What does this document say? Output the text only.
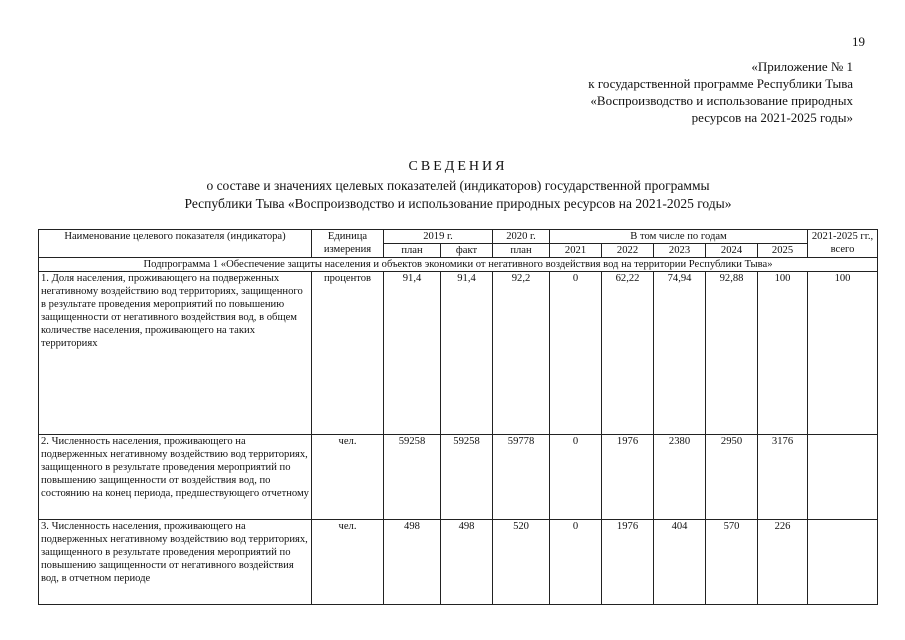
19
«Приложение № 1
к государственной программе Республики Тыва
«Воспроизводство и использование природных
ресурсов на 2021-2025 годы»
СВЕДЕНИЯ
о составе и значениях целевых показателей (индикаторов) государственной программы
Республики Тыва «Воспроизводство и использование природных ресурсов на 2021-2025 годы»
Наименование целевого показателя (индикатора)	Единица измерения	2019 г.		2020 г.	В том числе по годам					2021-2025 гг., всего
		план	факт	план	2021	2022	2023	2024	2025	
Подпрограмма 1 «Обеспечение защиты населения и объектов экономики от негативного воздействия вод на территории Республики Тыва»										
1. Доля населения, проживающего на подверженных негативному воздействию вод территориях, защищенного в результате проведения мероприятий по повышению защищенности от негативного воздействия вод, в общем количестве населения, проживающего на таких территориях	процентов	91,4	91,4	92,2	0	62,22	74,94	92,88	100	100
2. Численность населения, проживающего на подверженных негативному воздействию вод территориях, защищенного в результате проведения мероприятий по повышению защищенности от воздействия вод, по состоянию на конец периода, предшествующего отчетному	чел.	59258	59258	59778	0	1976	2380	2950	3176	
3. Численность населения, проживающего на подверженных негативному воздействию вод территориях, защищенного в результате проведения мероприятий по повышению защищенности от негативного воздействия вод, в отчетном периоде	чел.	498	498	520	0	1976	404	570	226	
